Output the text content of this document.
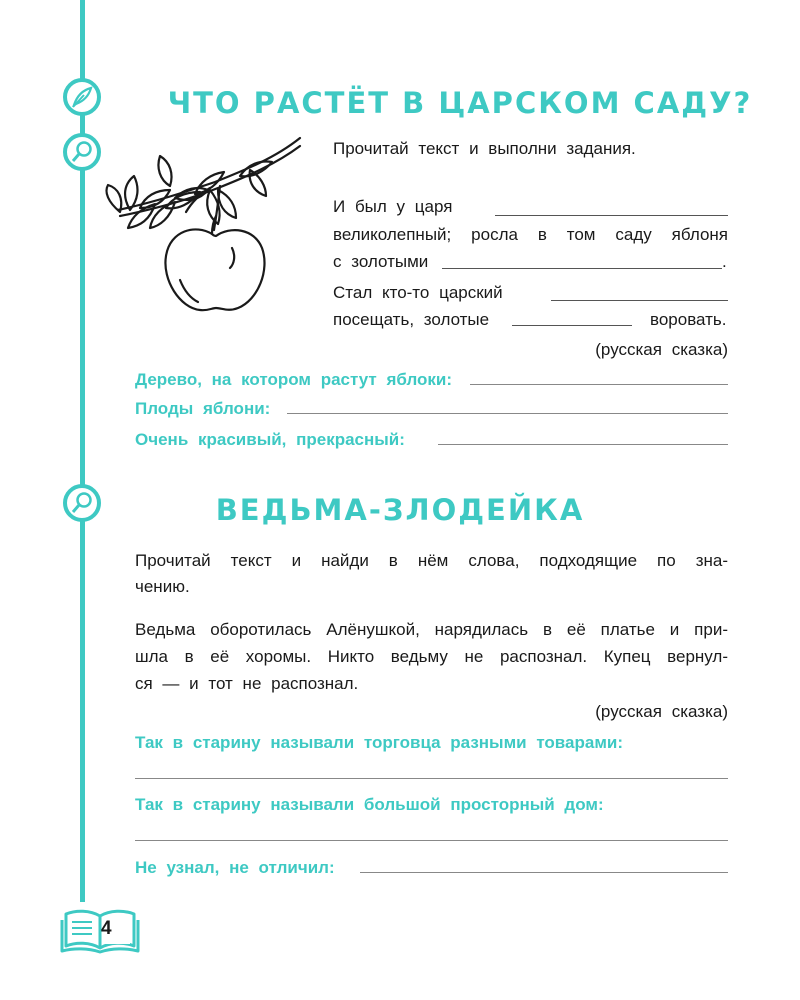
ЧТО РАСТЁТ В ЦАРСКОМ САДУ?
Прочитай текст и выполни задания.
И был у царя
великолепный; росла в том саду яблоня
с золотыми	.
Стал кто-то царский
посещать, золотые	воровать.
(русская сказка)
Дерево, на котором растут яблоки:
Плоды яблони:
Очень красивый, прекрасный:
ВЕДЬМА-ЗЛОДЕЙКА
Прочитай текст и найди в нём слова, подходящие по зна-
чению.
Ведьма оборотилась Алёнушкой, нарядилась в её платье и при-
шла в её хоромы. Никто ведьму не распознал. Купец вернул-
ся — и тот не распознал.
(русская сказка)
Так в старину называли торговца разными товарами:
Так в старину называли большой просторный дом:
Не узнал, не отличил:
4
